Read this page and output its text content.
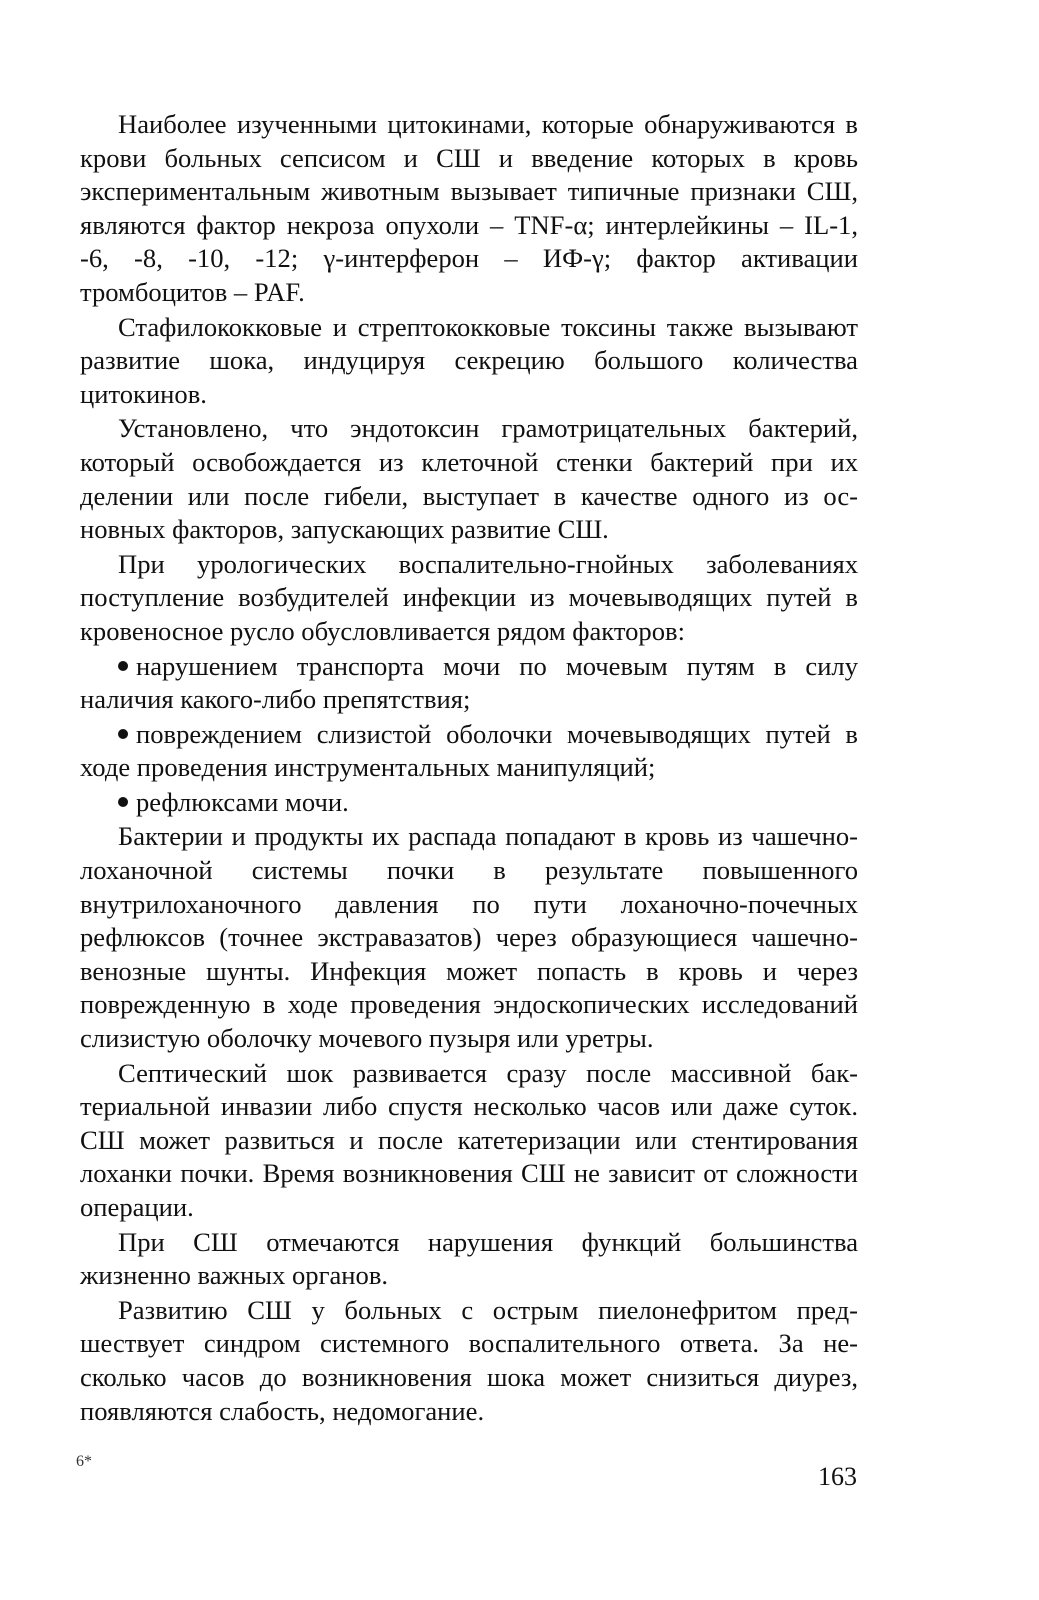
Наиболее изученными цитокинами, которые обнаруживаются в крови больных сепсисом и СШ и введение которых в кровь экспериментальным животным вызывает типичные признаки СШ, являются фактор некроза опухоли – TNF-α; интерлейкины – IL-1, -6, -8, -10, -12; γ-интерферон – ИФ-γ; фактор активации тромбоцитов – PAF.

Стафилококковые и стрептококковые токсины также вызывают развитие шока, индуцируя секрецию большого количества цитокинов.

Установлено, что эндотоксин грамотрицательных бактерий, который освобождается из клеточной стенки бактерий при их делении или после гибели, выступает в качестве одного из основных факторов, запускающих развитие СШ.

При урологических воспалительно-гнойных заболеваниях поступление возбудителей инфекции из мочевыводящих путей в кровеносное русло обусловливается рядом факторов:

нарушением транспорта мочи по мочевым путям в силу наличия какого-либо препятствия;

повреждением слизистой оболочки мочевыводящих путей в ходе проведения инструментальных манипуляций;

рефлюксами мочи.

Бактерии и продукты их распада попадают в кровь из чашечно-лоханочной системы почки в результате повышенного внутрилоханочного давления по пути лоханочно-почечных рефлюксов (точнее экстравазатов) через образующиеся чашечно-венозные шунты. Инфекция может попасть в кровь и через поврежденную в ходе проведения эндоскопических исследований слизистую оболочку мочевого пузыря или уретры.

Септический шок развивается сразу после массивной бактериальной инвазии либо спустя несколько часов или даже суток. СШ может развиться и после катетеризации или стентирования лоханки почки. Время возникновения СШ не зависит от сложности операции.

При СШ отмечаются нарушения функций большинства жизненно важных органов.

Развитию СШ у больных с острым пиелонефритом предшествует синдром системного воспалительного ответа. За несколько часов до возникновения шока может снизиться диурез, появляются слабость, недомогание.

6*
163
